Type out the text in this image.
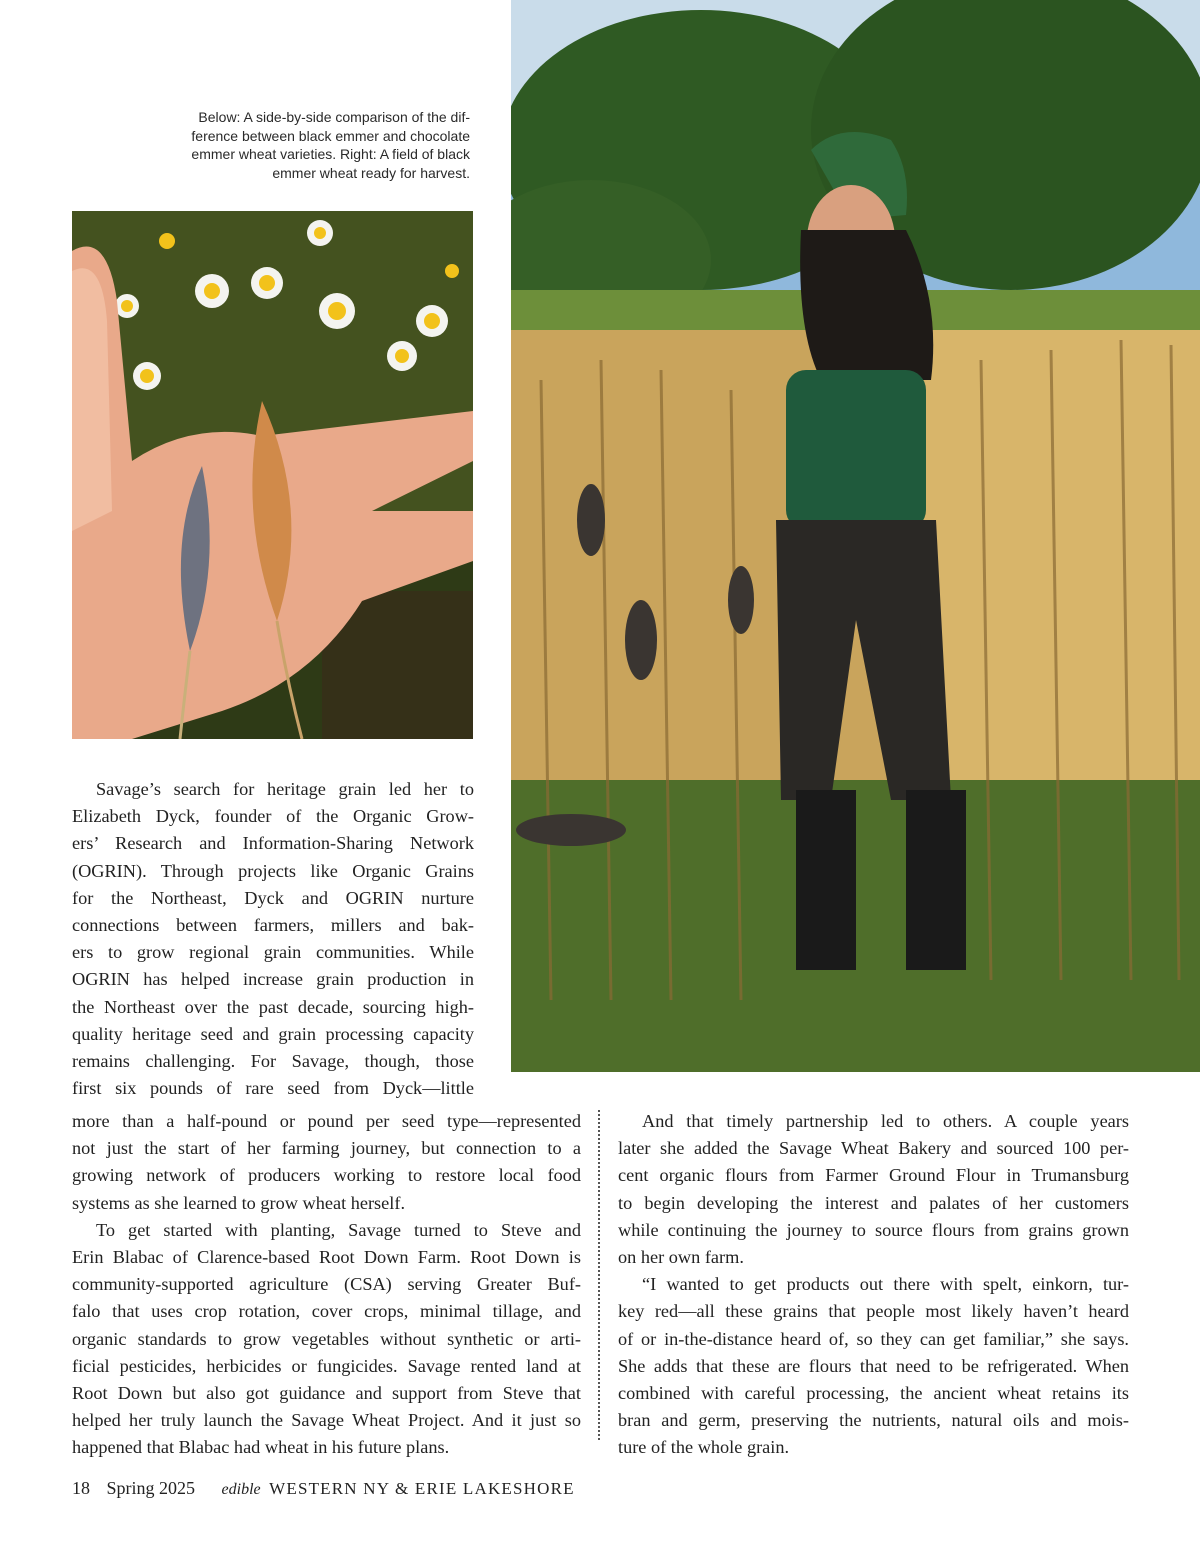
Below: A side-by-side comparison of the dif-
ference between black emmer and chocolate
emmer wheat varieties. Right: A field of black
emmer wheat ready for harvest.
Savage’s search for heritage grain led her to
Elizabeth Dyck, founder of the Organic Grow-
ers’ Research and Information-Sharing Network
(OGRIN). Through projects like Organic Grains
for the Northeast, Dyck and OGRIN nurture
connections between farmers, millers and bak-
ers to grow regional grain communities. While
OGRIN has helped increase grain production in
the Northeast over the past decade, sourcing high-
quality heritage seed and grain processing capacity
remains challenging. For Savage, though, those
first six pounds of rare seed from Dyck—little
more than a half-pound or pound per seed type—represented
not just the start of her farming journey, but connection to a
growing network of producers working to restore local food
systems as she learned to grow wheat herself.
To get started with planting, Savage turned to Steve and
Erin Blabac of Clarence-based Root Down Farm. Root Down is
community-supported agriculture (CSA) serving Greater Buf-
falo that uses crop rotation, cover crops, minimal tillage, and
organic standards to grow vegetables without synthetic or arti-
ficial pesticides, herbicides or fungicides. Savage rented land at
Root Down but also got guidance and support from Steve that
helped her truly launch the Savage Wheat Project. And it just so
happened that Blabac had wheat in his future plans.
And that timely partnership led to others. A couple years
later she added the Savage Wheat Bakery and sourced 100 per-
cent organic flours from Farmer Ground Flour in Trumansburg
to begin developing the interest and palates of her customers
while continuing the journey to source flours from grains grown
on her own farm.
“I wanted to get products out there with spelt, einkorn, tur-
key red—all these grains that people most likely haven’t heard
of or in-the-distance heard of, so they can get familiar,” she says.
She adds that these are flours that need to be refrigerated. When
combined with careful processing, the ancient wheat retains its
bran and germ, preserving the nutrients, natural oils and mois-
ture of the whole grain.
18 Spring 2025 edible WESTERN NY & ERIE LAKESHORE
